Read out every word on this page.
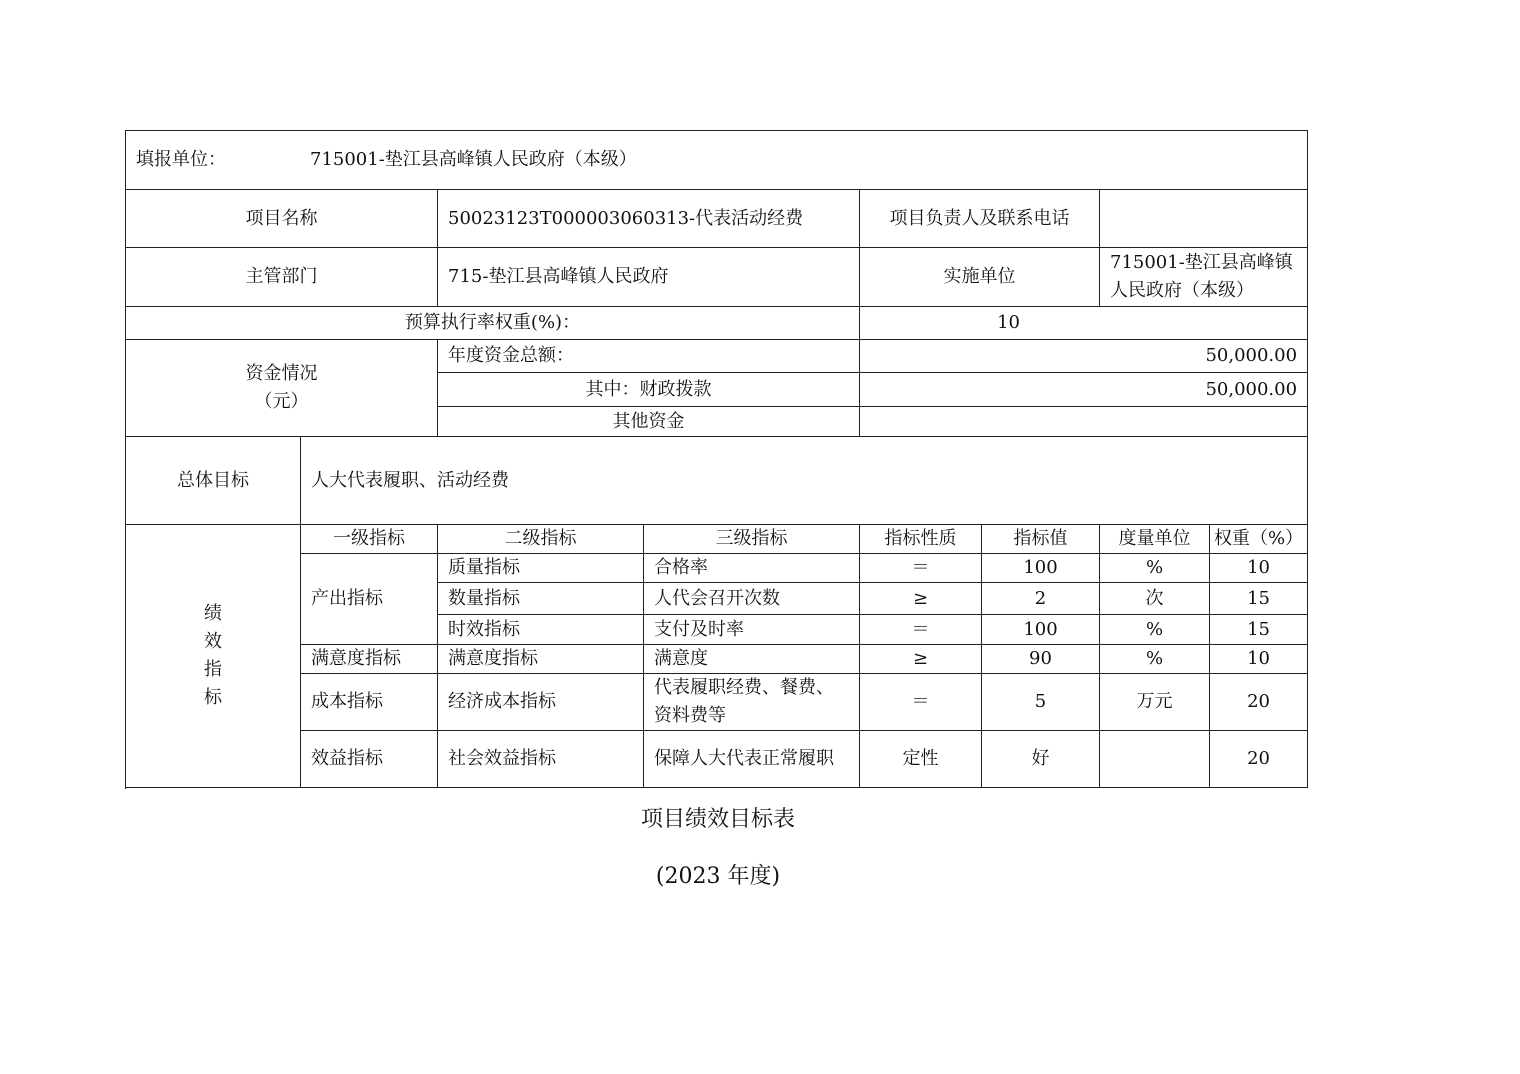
填报单位： 715001-垫江县高峰镇人民政府（本级）							
项目名称		50023123T000003060313-代表活动经费		项目负责人及联系电话			
主管部门		715-垫江县高峰镇人民政府		实施单位		715001-垫江县高峰镇人民政府（本级）	
预算执行率权重(%)：				10			

资金情况
（元）		年度资金总额：		50,000.00			
		其中：财政拨款		50,000.00			
		其他资金					
总体目标	人大代表履职、活动经费						

绩
效
指
标	一级指标	二级指标	三级指标	指标性质	指标值	度量单位	权重（%）
	产出指标	质量指标	合格率	＝	100	%	10
		数量指标	人代会召开次数	≥	2	次	15
		时效指标	支付及时率	＝	100	%	15
	满意度指标	满意度指标	满意度	≥	90	%	10
	成本指标	经济成本指标	代表履职经费、餐费、资料费等	＝	5	万元	20
	效益指标	社会效益指标	保障人大代表正常履职	定性	好		20

项目绩效目标表
(2023 年度)
